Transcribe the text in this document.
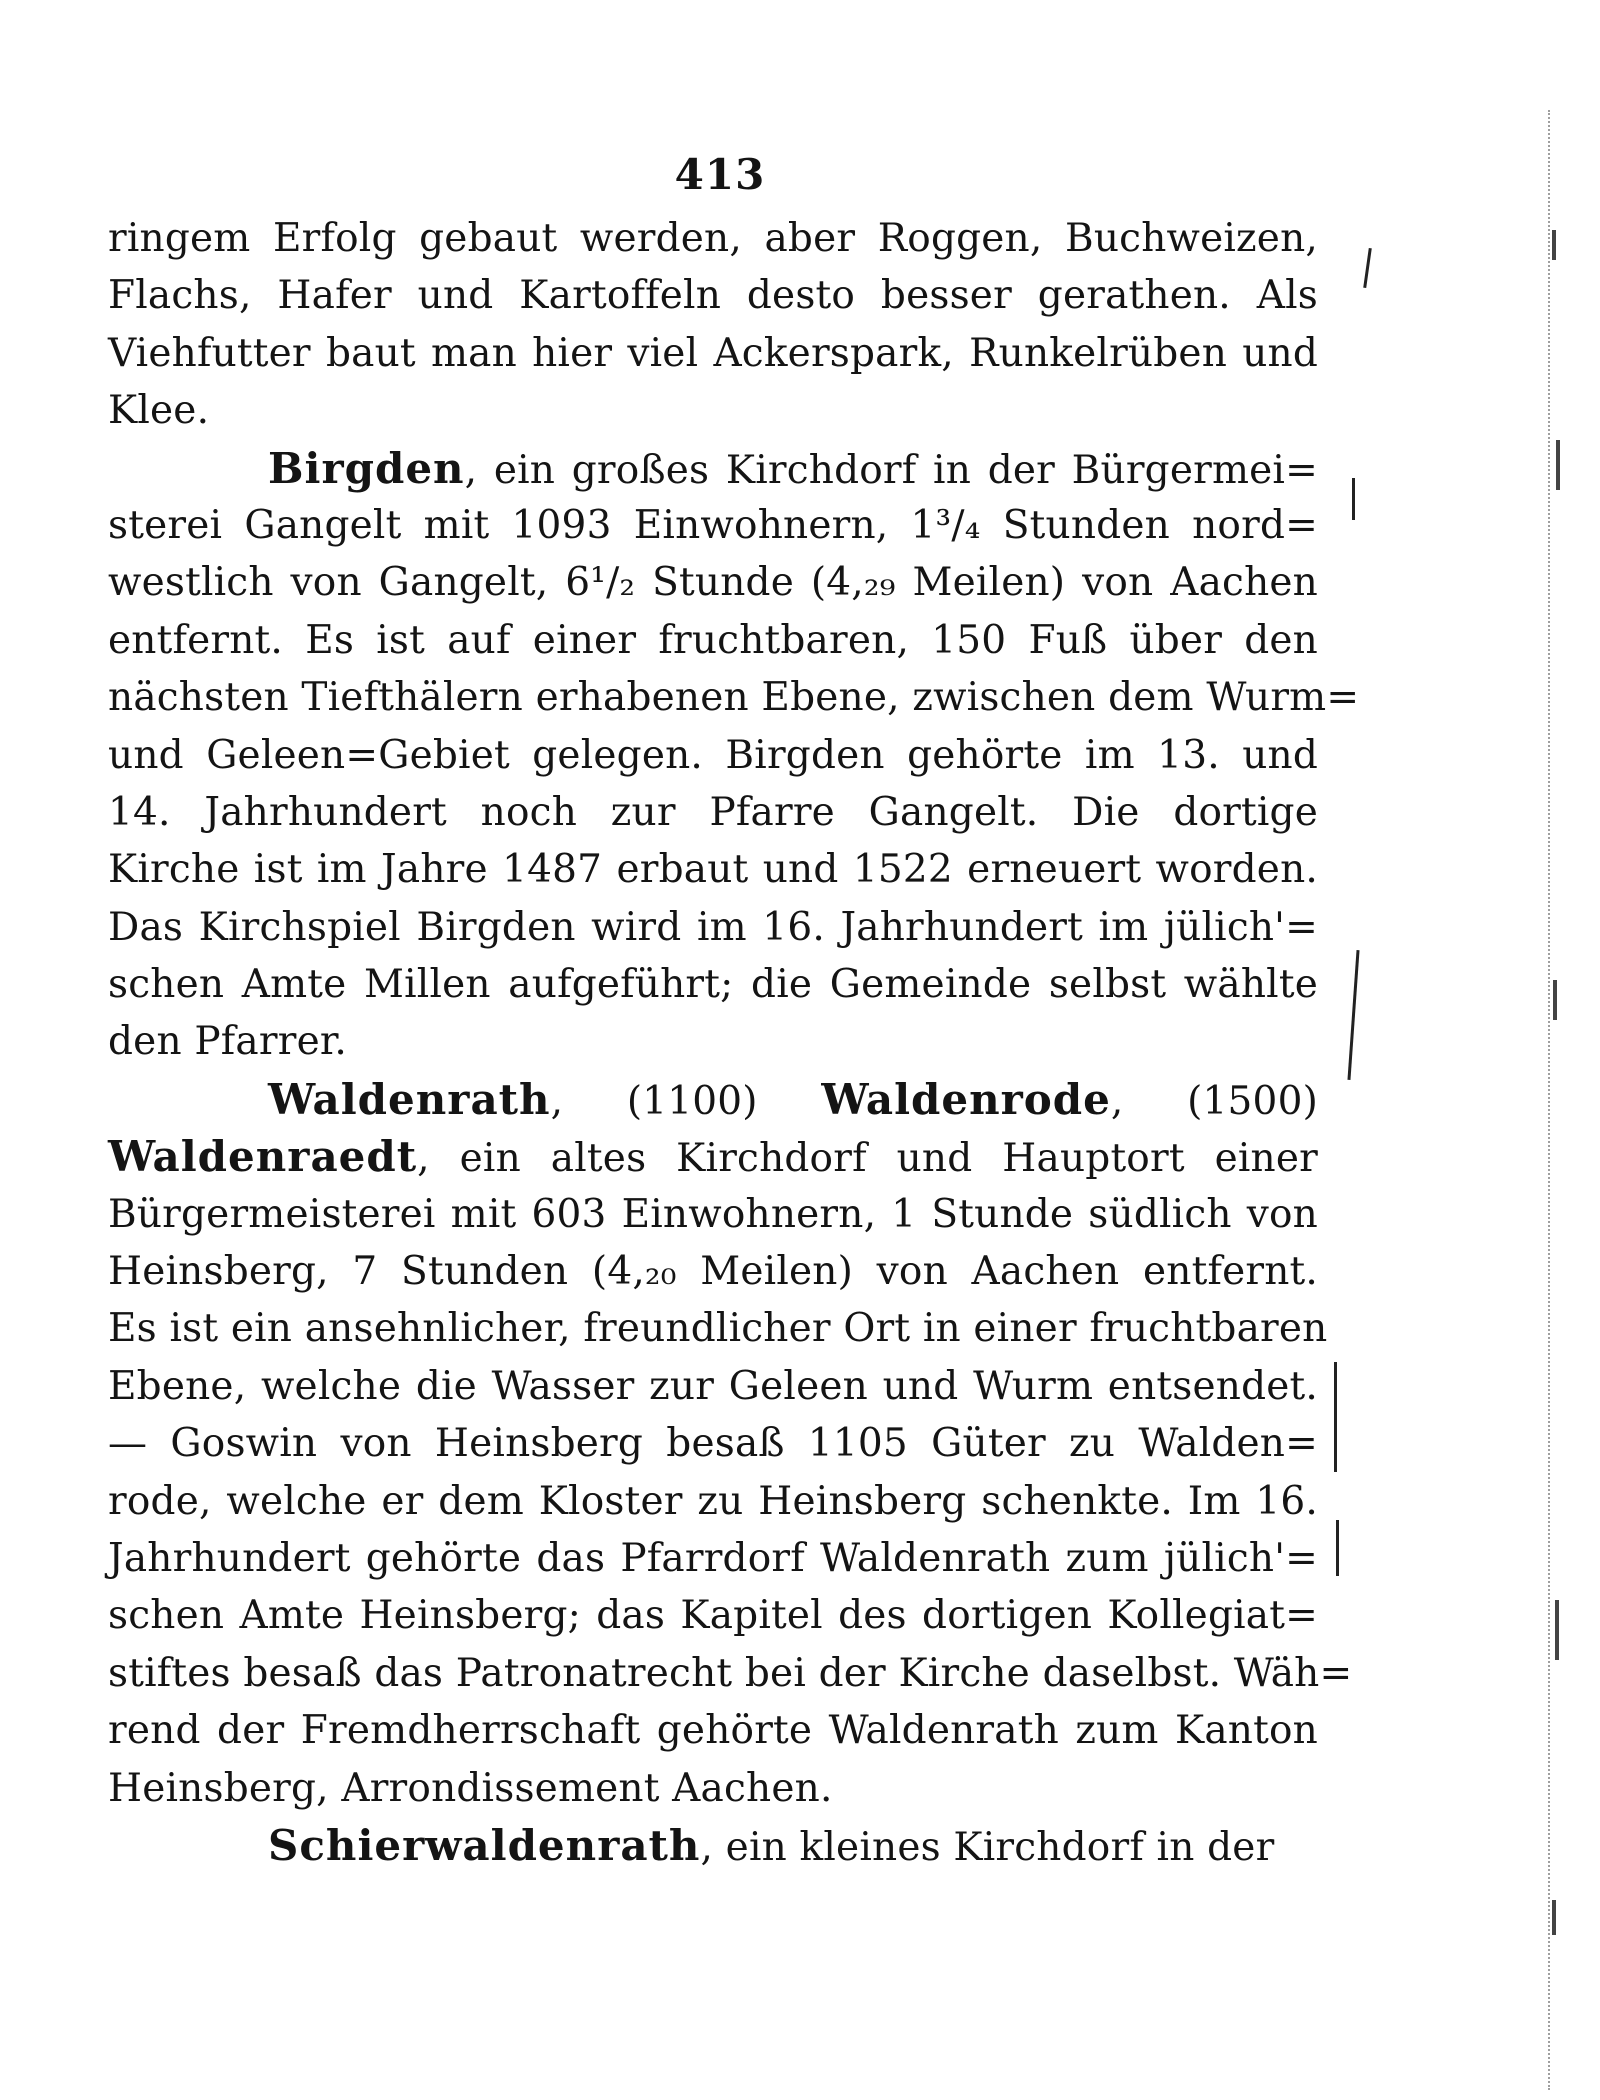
413
ringem Erfolg gebaut werden, aber Roggen, Buchweizen,
Flachs, Hafer und Kartoffeln desto besser gerathen. Als
Viehfutter baut man hier viel Ackerspark, Runkelrüben und
Klee.
Birgden, ein großes Kirchdorf in der Bürgermei=
sterei Gangelt mit 1093 Einwohnern, 1³/₄ Stunden nord=
westlich von Gangelt, 6¹/₂ Stunde (4,₂₉ Meilen) von Aachen
entfernt. Es ist auf einer fruchtbaren, 150 Fuß über den
nächsten Tiefthälern erhabenen Ebene, zwischen dem Wurm=
und Geleen=Gebiet gelegen. Birgden gehörte im 13. und
14. Jahrhundert noch zur Pfarre Gangelt. Die dortige
Kirche ist im Jahre 1487 erbaut und 1522 erneuert worden.
Das Kirchspiel Birgden wird im 16. Jahrhundert im jülich'=
schen Amte Millen aufgeführt; die Gemeinde selbst wählte
den Pfarrer.
Waldenrath, (1100) Waldenrode, (1500)
Waldenraedt, ein altes Kirchdorf und Hauptort einer
Bürgermeisterei mit 603 Einwohnern, 1 Stunde südlich von
Heinsberg, 7 Stunden (4,₂₀ Meilen) von Aachen entfernt.
Es ist ein ansehnlicher, freundlicher Ort in einer fruchtbaren
Ebene, welche die Wasser zur Geleen und Wurm entsendet.
— Goswin von Heinsberg besaß 1105 Güter zu Walden=
rode, welche er dem Kloster zu Heinsberg schenkte. Im 16.
Jahrhundert gehörte das Pfarrdorf Waldenrath zum jülich'=
schen Amte Heinsberg; das Kapitel des dortigen Kollegiat=
stiftes besaß das Patronatrecht bei der Kirche daselbst. Wäh=
rend der Fremdherrschaft gehörte Waldenrath zum Kanton
Heinsberg, Arrondissement Aachen.
Schierwaldenrath, ein kleines Kirchdorf in der
